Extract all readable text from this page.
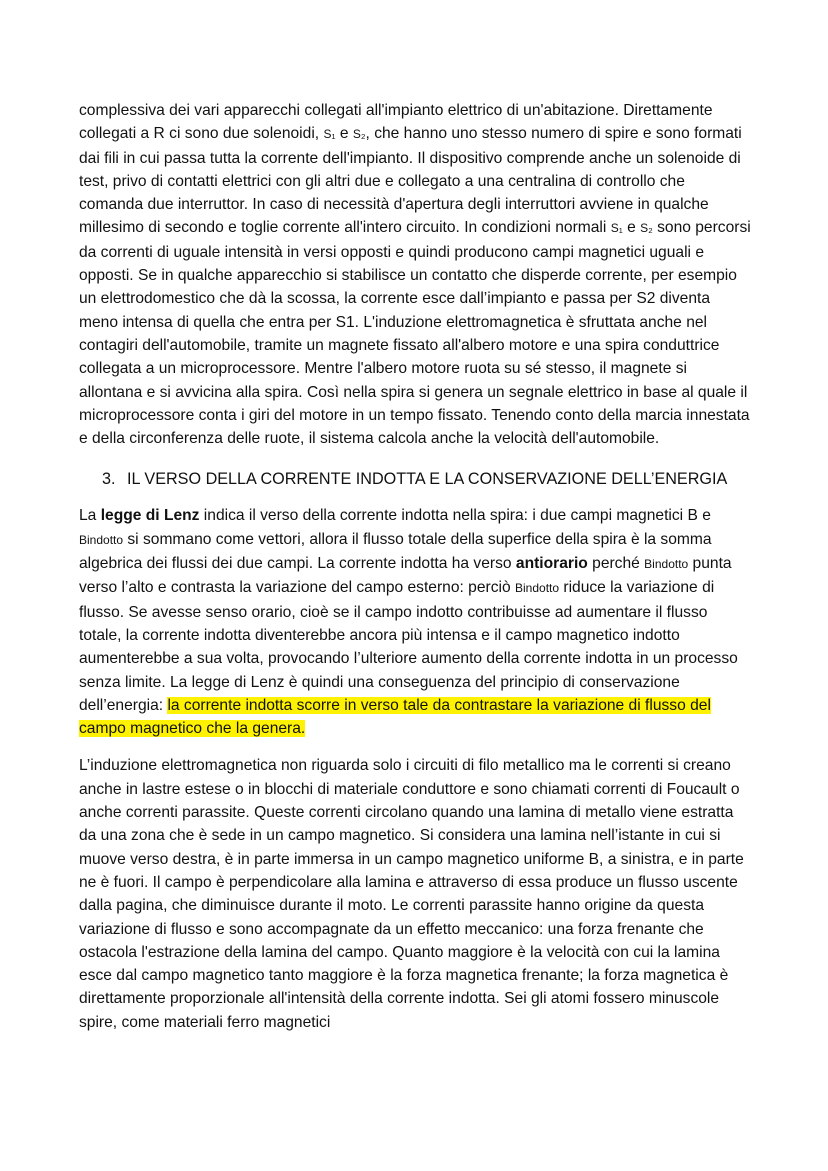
complessiva dei vari apparecchi collegati all'impianto elettrico di un'abitazione. Direttamente collegati a R ci sono due solenoidi, S₁ e S₂, che hanno uno stesso numero di spire e sono formati dai fili in cui passa tutta la corrente dell'impianto. Il dispositivo comprende anche un solenoide di test, privo di contatti elettrici con gli altri due e collegato a una centralina di controllo che comanda due interruttor. In caso di necessità d'apertura degli interruttori avviene in qualche millesimo di secondo e toglie corrente all'intero circuito. In condizioni normali S₁ e S₂ sono percorsi da correnti di uguale intensità in versi opposti e quindi producono campi magnetici uguali e opposti. Se in qualche apparecchio si stabilisce un contatto che disperde corrente, per esempio un elettrodomestico che dà la scossa, la corrente esce dall’impianto e passa per S2 diventa meno intensa di quella che entra per S1. L'induzione elettromagnetica è sfruttata anche nel contagiri dell'automobile, tramite un magnete fissato all'albero motore e una spira conduttrice collegata a un microprocessore. Mentre l'albero motore ruota su sé stesso, il magnete si allontana e si avvicina alla spira. Così nella spira si genera un segnale elettrico in base al quale il microprocessore conta i giri del motore in un tempo fissato. Tenendo conto della marcia innestata e della circonferenza delle ruote, il sistema calcola anche la velocità dell'automobile.

3. IL VERSO DELLA CORRENTE INDOTTA E LA CONSERVAZIONE DELL’ENERGIA

La legge di Lenz indica il verso della corrente indotta nella spira: i due campi magnetici B e Bindotto si sommano come vettori, allora il flusso totale della superfice della spira è la somma algebrica dei flussi dei due campi. La corrente indotta ha verso antiorario perché Bindotto punta verso l’alto e contrasta la variazione del campo esterno: perciò Bindotto riduce la variazione di flusso. Se avesse senso orario, cioè se il campo indotto contribuisse ad aumentare il flusso totale, la corrente indotta diventerebbe ancora più intensa e il campo magnetico indotto aumenterebbe a sua volta, provocando l’ulteriore aumento della corrente indotta in un processo senza limite. La legge di Lenz è quindi una conseguenza del principio di conservazione dell’energia: la corrente indotta scorre in verso tale da contrastare la variazione di flusso del campo magnetico che la genera.

L’induzione elettromagnetica non riguarda solo i circuiti di filo metallico ma le correnti si creano anche in lastre estese o in blocchi di materiale conduttore e sono chiamati correnti di Foucault o anche correnti parassite. Queste correnti circolano quando una lamina di metallo viene estratta da una zona che è sede in un campo magnetico. Si considera una lamina nell’istante in cui si muove verso destra, è in parte immersa in un campo magnetico uniforme B, a sinistra, e in parte ne è fuori. Il campo è perpendicolare alla lamina e attraverso di essa produce un flusso uscente dalla pagina, che diminuisce durante il moto. Le correnti parassite hanno origine da questa variazione di flusso e sono accompagnate da un effetto meccanico: una forza frenante che ostacola l'estrazione della lamina del campo. Quanto maggiore è la velocità con cui la lamina esce dal campo magnetico tanto maggiore è la forza magnetica frenante; la forza magnetica è direttamente proporzionale all'intensità della corrente indotta. Sei gli atomi fossero minuscole spire, come materiali ferro magnetici
